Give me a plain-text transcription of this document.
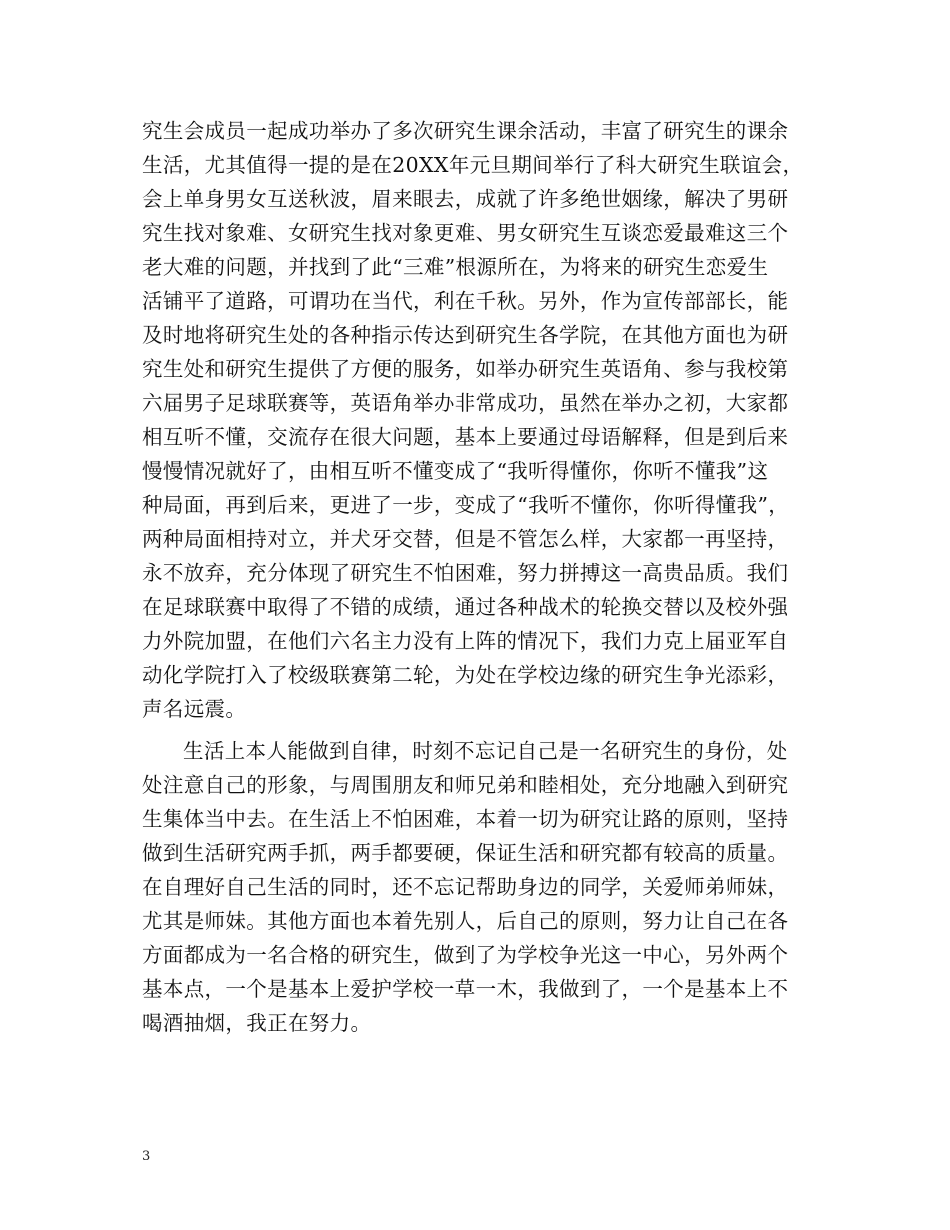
究生会成员一起成功举办了多次研究生课余活动，丰富了研究生的课余
生活，尤其值得一提的是在20XX年元旦期间举行了科大研究生联谊会，
会上单身男女互送秋波，眉来眼去，成就了许多绝世姻缘，解决了男研
究生找对象难、女研究生找对象更难、男女研究生互谈恋爱最难这三个
老大难的问题，并找到了此“三难”根源所在，为将来的研究生恋爱生
活铺平了道路，可谓功在当代，利在千秋。另外，作为宣传部部长，能
及时地将研究生处的各种指示传达到研究生各学院，在其他方面也为研
究生处和研究生提供了方便的服务，如举办研究生英语角、参与我校第
六届男子足球联赛等，英语角举办非常成功，虽然在举办之初，大家都
相互听不懂，交流存在很大问题，基本上要通过母语解释，但是到后来
慢慢情况就好了，由相互听不懂变成了“我听得懂你，你听不懂我”这
种局面，再到后来，更进了一步，变成了“我听不懂你，你听得懂我”，
两种局面相持对立，并犬牙交替，但是不管怎么样，大家都一再坚持，
永不放弃，充分体现了研究生不怕困难，努力拼搏这一高贵品质。我们
在足球联赛中取得了不错的成绩，通过各种战术的轮换交替以及校外强
力外院加盟，在他们六名主力没有上阵的情况下，我们力克上届亚军自
动化学院打入了校级联赛第二轮，为处在学校边缘的研究生争光添彩，
声名远震。
生活上本人能做到自律，时刻不忘记自己是一名研究生的身份，处
处注意自己的形象，与周围朋友和师兄弟和睦相处，充分地融入到研究
生集体当中去。在生活上不怕困难，本着一切为研究让路的原则，坚持
做到生活研究两手抓，两手都要硬，保证生活和研究都有较高的质量。
在自理好自己生活的同时，还不忘记帮助身边的同学，关爱师弟师妹，
尤其是师妹。其他方面也本着先别人，后自己的原则，努力让自己在各
方面都成为一名合格的研究生，做到了为学校争光这一中心，另外两个
基本点，一个是基本上爱护学校一草一木，我做到了，一个是基本上不
喝酒抽烟，我正在努力。
3
